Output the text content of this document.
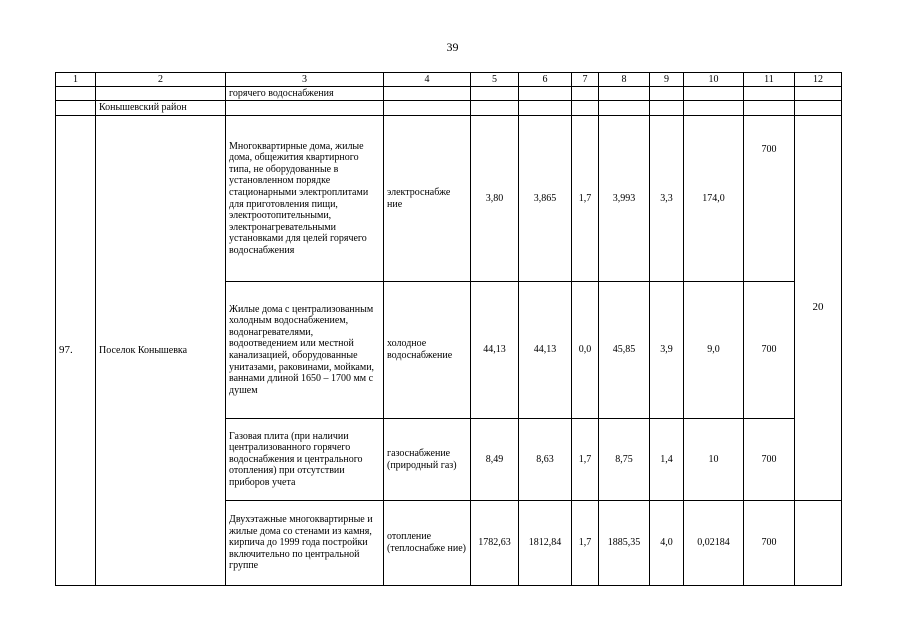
39
1	2	3	4	5	6	7	8	9	10	11	12
		горячего водоснабжения									
	Конышевский район										
97.	Поселок Конышевка	Многоквартирные дома, жилые дома, общежития квартирного типа, не оборудованные в установленном порядке стационарными электроплитами для приготовления пищи, электроотопительными, электронагревательными установками для целей горячего водоснабжения	электроснабже ние	3,80	3,865	1,7	3,993	3,3	174,0	700	20
		Жилые дома с централизованным холодным водоснабжением, водонагревателями, водоотведением или местной канализацией, оборудованные унитазами, раковинами, мойками, ваннами длиной 1650 – 1700 мм с душем	холодное водоснабжение	44,13	44,13	0,0	45,85	3,9	9,0	700	
		Газовая плита (при наличии централизованного горячего водоснабжения и центрального отопления) при отсутствии приборов учета	газоснабжение (природный газ)	8,49	8,63	1,7	8,75	1,4	10	700	
		Двухэтажные многоквартирные и жилые дома со стенами из камня, кирпича до 1999 года постройки включительно по центральной группе	отопление (теплоснабже ние)	1782,63	1812,84	1,7	1885,35	4,0	0,02184	700	
